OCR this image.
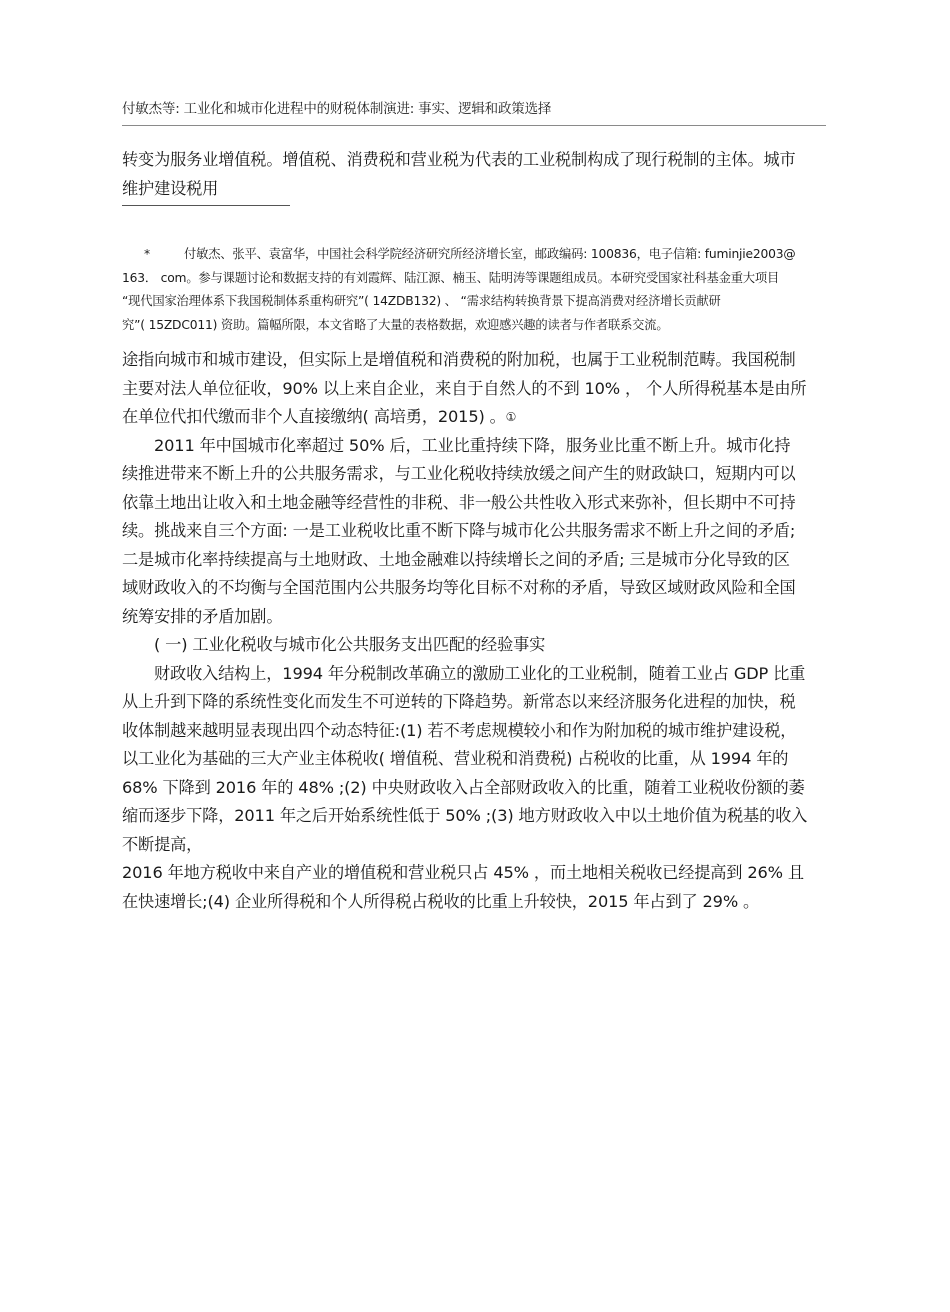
付敏杰等: 工业化和城市化进程中的财税体制演进: 事实、逻辑和政策选择

转变为服务业增值税。增值税、消费税和营业税为代表的工业税制构成了现行税制的主体。城市

维护建设税用

*	付敏杰、张平、袁富华，中国社会科学院经济研究所经济增长室，邮政编码: 100836，电子信箱: fuminjie2003@

163． com。参与课题讨论和数据支持的有刘霞辉、陆江源、楠玉、陆明涛等课题组成员。本研究受国家社科基金重大项目

“现代国家治理体系下我国税制体系重构研究”( 14ZDB132) 、 “需求结构转换背景下提高消费对经济增长贡献研

究”( 15ZDC011) 资助。篇幅所限，本文省略了大量的表格数据，欢迎感兴趣的读者与作者联系交流。

途指向城市和城市建设，但实际上是增值税和消费税的附加税，也属于工业税制范畴。我国税制

主要对法人单位征收，90% 以上来自企业，来自于自然人的不到 10% ， 个人所得税基本是由所

在单位代扣代缴而非个人直接缴纳( 高培勇，2015) 。①

2011 年中国城市化率超过 50% 后，工业比重持续下降，服务业比重不断上升。城市化持

续推进带来不断上升的公共服务需求，与工业化税收持续放缓之间产生的财政缺口，短期内可以

依靠土地出让收入和土地金融等经营性的非税、非一般公共性收入形式来弥补，但长期中不可持

续。挑战来自三个方面: 一是工业税收比重不断下降与城市化公共服务需求不断上升之间的矛盾;

二是城市化率持续提高与土地财政、土地金融难以持续增长之间的矛盾; 三是城市分化导致的区

域财政收入的不均衡与全国范围内公共服务均等化目标不对称的矛盾，导致区域财政风险和全国

统筹安排的矛盾加剧。

( 一) 工业化税收与城市化公共服务支出匹配的经验事实

财政收入结构上，1994 年分税制改革确立的激励工业化的工业税制，随着工业占 GDP 比重

从上升到下降的系统性变化而发生不可逆转的下降趋势。新常态以来经济服务化进程的加快，税

收体制越来越明显表现出四个动态特征:(1) 若不考虑规模较小和作为附加税的城市维护建设税，

以工业化为基础的三大产业主体税收( 增值税、营业税和消费税) 占税收的比重，从 1994 年的

68% 下降到 2016 年的 48% ;(2) 中央财政收入占全部财政收入的比重，随着工业税收份额的萎

缩而逐步下降，2011 年之后开始系统性低于 50% ;(3) 地方财政收入中以土地价值为税基的收入

不断提高，

2016 年地方税收中来自产业的增值税和营业税只占 45% ，而土地相关税收已经提高到 26% 且

在快速增长;(4) 企业所得税和个人所得税占税收的比重上升较快，2015 年占到了 29% 。
